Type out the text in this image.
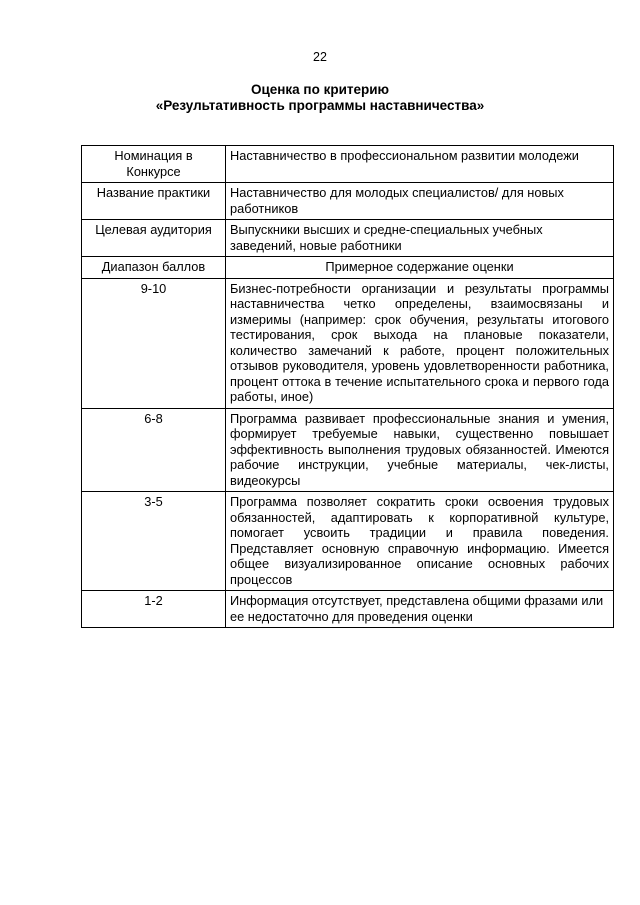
22
Оценка по критерию
«Результативность программы наставничества»
Номинация в Конкурсе	Наставничество в профессиональном развитии молодежи
Название практики	Наставничество для молодых специалистов/ для новых работников
Целевая аудитория	Выпускники высших и средне-специальных учебных заведений, новые работники
Диапазон баллов	Примерное содержание оценки
9-10	Бизнес-потребности организации и результаты программы наставничества четко определены, взаимосвязаны и измеримы (например: срок обучения, результаты итогового тестирования, срок выхода на плановые показатели, количество замечаний к работе, процент положительных отзывов руководителя, уровень удовлетворенности работника, процент оттока в течение испытательного срока и первого года работы, иное)
6-8	Программа развивает профессиональные знания и умения, формирует требуемые навыки, существенно повышает эффективность выполнения трудовых обязанностей. Имеются рабочие инструкции, учебные материалы, чек-листы, видеокурсы
3-5	Программа позволяет сократить сроки освоения трудовых обязанностей, адаптировать к корпоративной культуре, помогает усвоить традиции и правила поведения. Представляет основную справочную информацию. Имеется общее визуализированное описание основных рабочих процессов
1-2	Информация отсутствует, представлена общими фразами или ее недостаточно для проведения оценки
